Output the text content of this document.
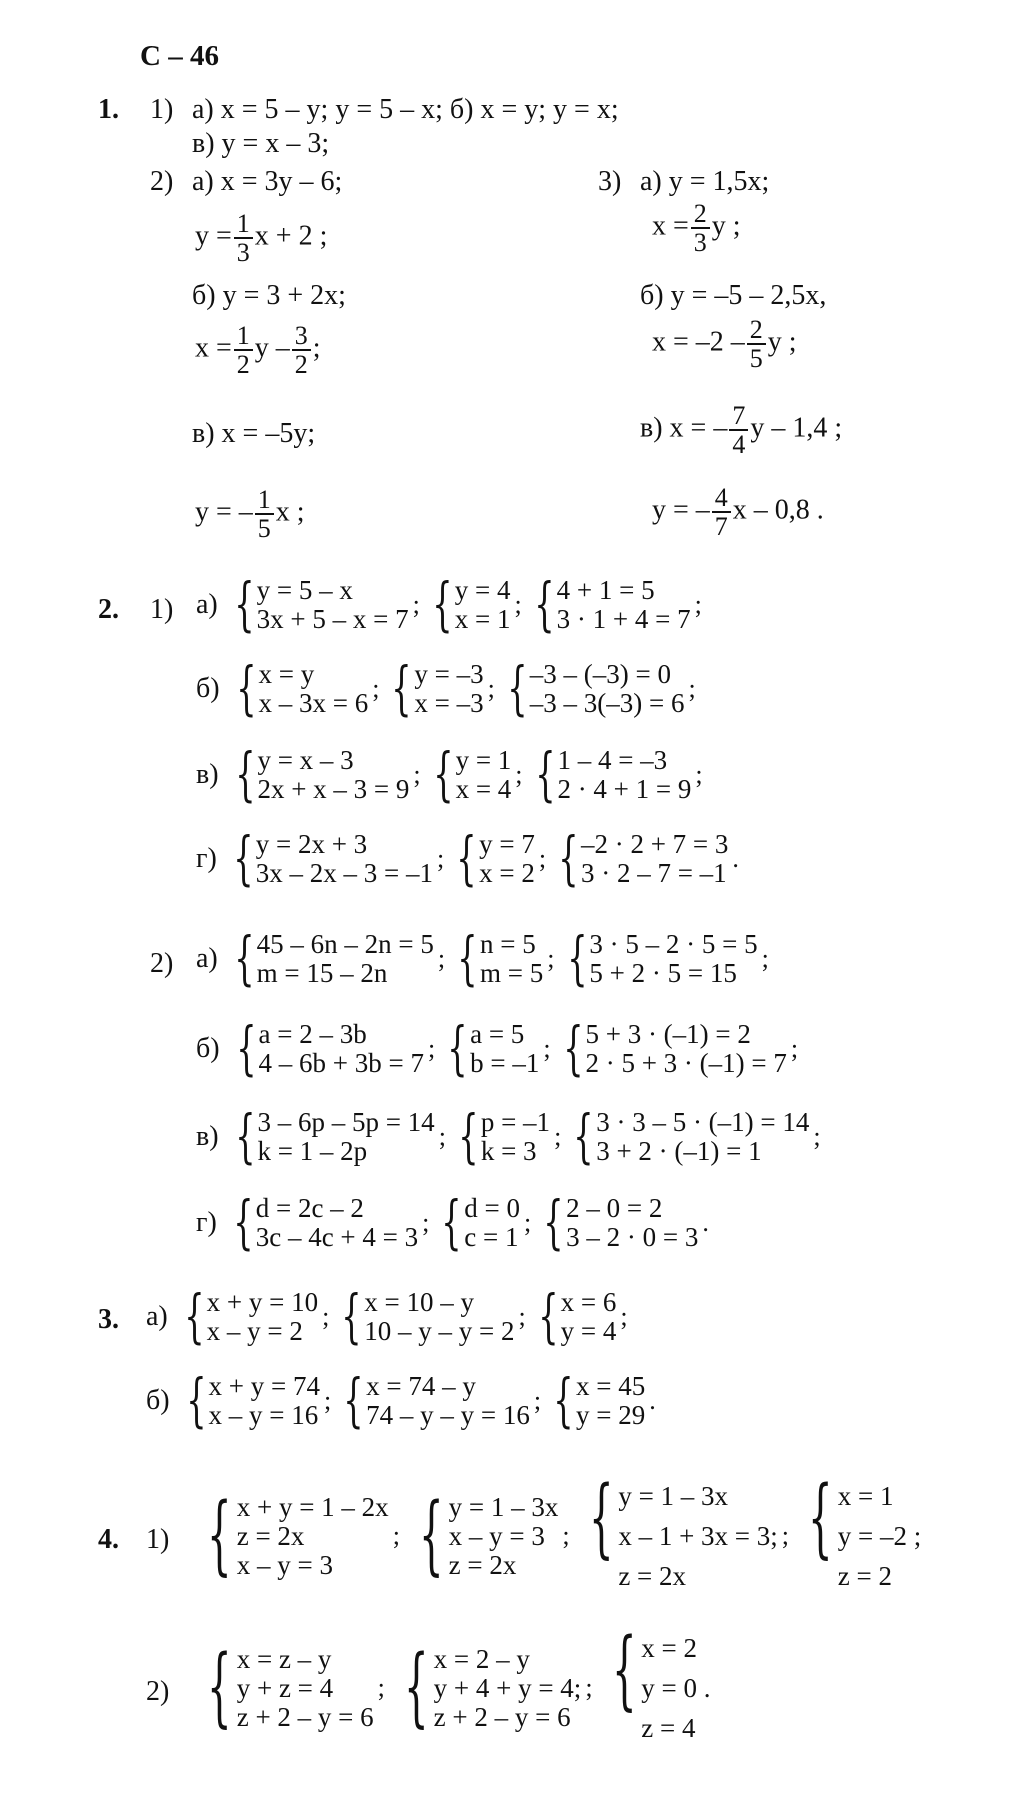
С – 46
1. 1) а) x = 5 – y; y = 5 – x; б) x = y; y = x;
в) y = x – 3;
2) а) x = 3y – 6;
$y = \frac{1}{3}$ x + 2 ;
б) y = 3 + 2x;
$x = \frac{1}{2}$ y – $\frac{3}{2}$ ;
в) x = –5y;
y = – $\frac{1}{5}$ x ;
3) а) y = 1,5x;
$x = \frac{2}{3}$ y ;
б) y = –5 – 2,5x,
$x = -2 - \frac{2}{5}$ y ;
в) x = – $\frac{7}{4}$ y – 1,4 ;
y = – $\frac{4}{7}$ x – 0,8 .
2. 1) а) { y = 5 – x
3x + 5 – x = 7 ; { y = 4
x = 1 ; { 4 + 1 = 5
3 · 1 + 4 = 7 ;
б) { x = y
x – 3x = 6 ; { y = –3
x = –3 ; { –3 – (–3) = 0
–3 – 3(–3) = 6 ;
в) { y = x – 3
2x + x – 3 = 9 ; { y = 1
x = 4 ; { 1 – 4 = –3
2 · 4 + 1 = 9 ;
г) { y = 2x + 3
3x – 2x – 3 = –1 ; { y = 7
x = 2 ; { –2 · 2 + 7 = 3
3 · 2 – 7 = –1 .
2) а) { 45 – 6n – 2n = 5
m = 15 – 2n	; { n = 5
m = 5 ; { 3 · 5 – 2 · 5 = 5
5 + 2 · 5 = 15 ;
б) { a = 2 – 3b
4 – 6b + 3b = 7 ; { a = 5
b = –1 ; { 5 + 3 · (–1) = 2
2 · 5 + 3 · (–1) = 7 ;
в) { 3 – 6p – 5p = 14
k = 1 – 2p	; { p = –1
k = 3 ; { 3 · 3 – 5 · (–1) = 14
3 + 2 · (–1) = 1	;
г) { d = 2c – 2
3c – 4c + 4 = 3 ; { d = 0
c = 1 ; { 2 – 0 = 2
3 – 2 · 0 = 3 .
3. а) { x + y = 10
x – y = 2 ; { x = 10 – y
10 – y – y = 2 ; { x = 6
y = 4 ;
б) { x + y = 74
x – y = 16 ; { x = 74 – y
74 – y – y = 16 ; { x = 45
y = 29 .
4. 1) { x + y = 1 – 2x
z = 2x
x – y = 3
; { y = 1 – 3x
x – y = 3
z = 2x
; { y = 1 – 3x
x – 1 + 3x = 3;
z = 2x
; { x = 1
y = –2 ;
z = 2
2) { x = z – y
y + z = 4
z + 2 – y = 6
; { x = 2 – y
y + 4 + y = 4;
z + 2 – y = 6
; { x = 2
y = 0 .
z = 4
